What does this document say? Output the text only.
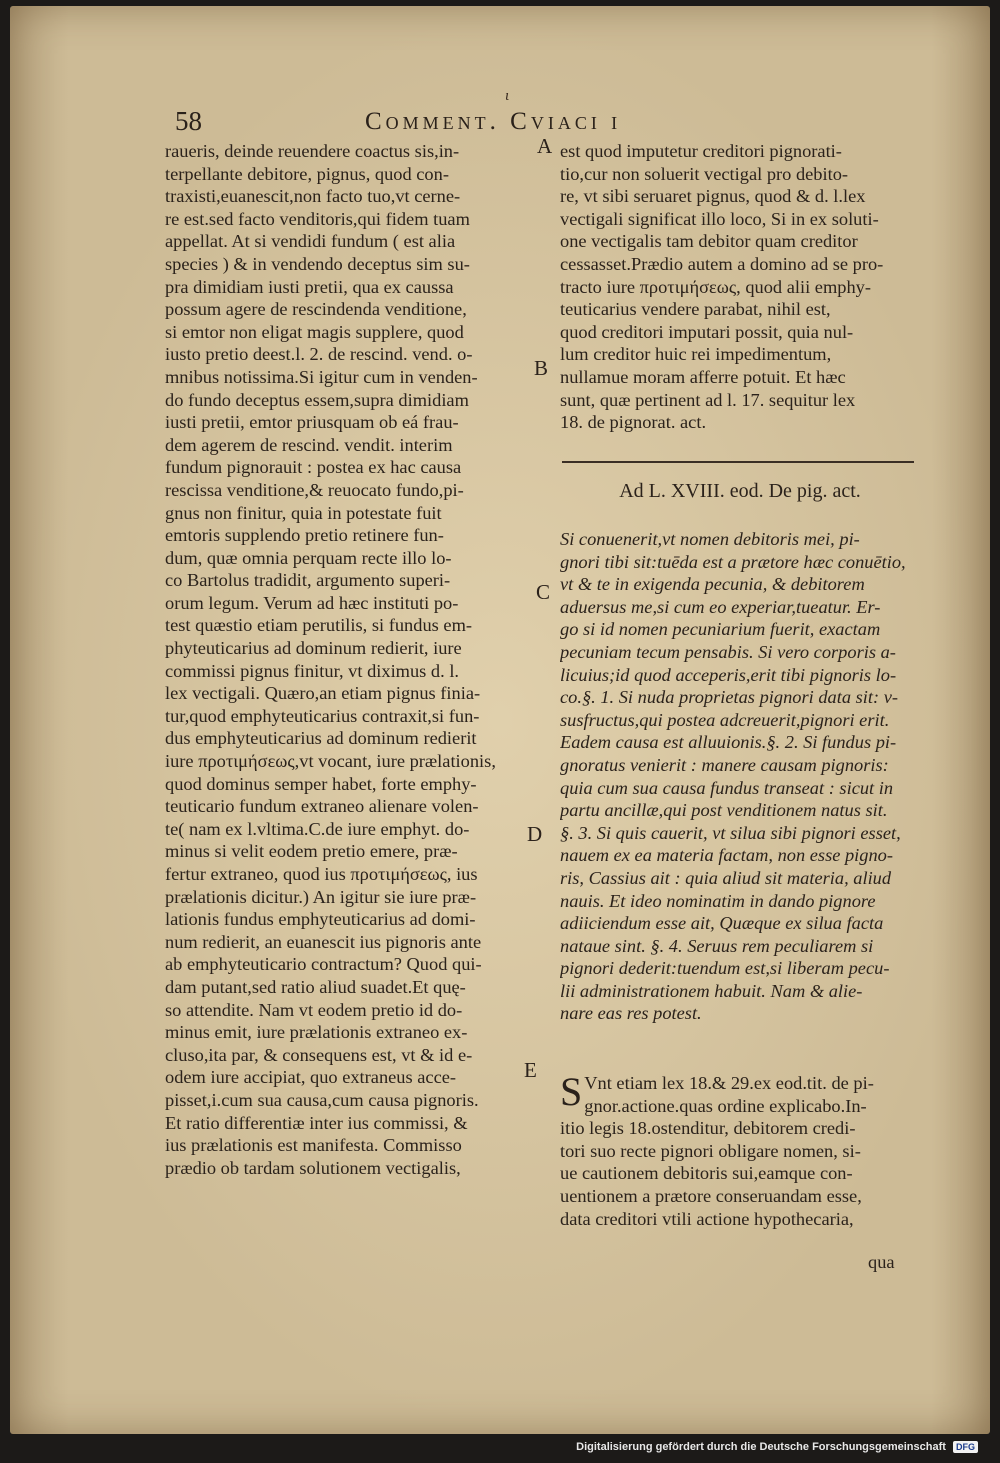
58	Comment. Cviaci i
ι
raueris, deinde reuendere coactus sis,in-
terpellante debitore, pignus, quod con-
traxisti,euanescit,non facto tuo,vt cerne-
re est.sed facto venditoris,qui fidem tuam
appellat. At si vendidi fundum ( est alia
species ) & in vendendo deceptus sim su-
pra dimidiam iusti pretii, qua ex caussa
possum agere de rescindenda venditione,
si emtor non eligat magis supplere, quod
iusto pretio deest.l. 2. de rescind. vend. o-
mnibus notissima.Si igitur cum in venden-
do fundo deceptus essem,supra dimidiam
iusti pretii, emtor priusquam ob eá frau-
dem agerem de rescind. vendit. interim
fundum pignorauit : postea ex hac causa
rescissa venditione,& reuocato fundo,pi-
gnus non finitur, quia in potestate fuit
emtoris supplendo pretio retinere fun-
dum, quæ omnia perquam recte illo lo-
co Bartolus tradidit, argumento superi-
orum legum. Verum ad hæc instituti po-
test quæstio etiam perutilis, si fundus em-
phyteuticarius ad dominum redierit, iure
commissi pignus finitur, vt diximus d. l.
lex vectigali. Quæro,an etiam pignus finia-
tur,quod emphyteuticarius contraxit,si fun-
dus emphyteuticarius ad dominum redierit
iure προτιμήσεως,vt vocant, iure prælationis,
quod dominus semper habet, forte emphy-
teuticario fundum extraneo alienare volen-
te( nam ex l.vltima.C.de iure emphyt. do-
minus si velit eodem pretio emere, præ-
fertur extraneo, quod ius προτιμήσεως, ius
prælationis dicitur.) An igitur sie iure præ-
lationis fundus emphyteuticarius ad domi-
num redierit, an euanescit ius pignoris ante
ab emphyteuticario contractum? Quod qui-
dam putant,sed ratio aliud suadet.Et quę-
so attendite. Nam vt eodem pretio id do-
minus emit, iure prælationis extraneo ex-
cluso,ita par, & consequens est, vt & id e-
odem iure accipiat, quo extraneus acce-
pisset,i.cum sua causa,cum causa pignoris.
Et ratio differentiæ inter ius commissi, &
ius prælationis est manifesta. Commisso
prædio ob tardam solutionem vectigalis,
A
B
C
D
E
est quod imputetur creditori pignorati-
tio,cur non soluerit vectigal pro debito-
re, vt sibi seruaret pignus, quod & d. l.lex
vectigali significat illo loco, Si in ex soluti-
one vectigalis tam debitor quam creditor
cessasset.Prædio autem a domino ad se pro-
tracto iure προτιμήσεως, quod alii emphy-
teuticarius vendere parabat, nihil est,
quod creditori imputari possit, quia nul-
lum creditor huic rei impedimentum,
nullamue moram afferre potuit. Et hæc
sunt, quæ pertinent ad l. 17. sequitur lex
18. de pignorat. act.
Ad L. XVIII. eod. De pig. act.
Si conuenerit,vt nomen debitoris mei, pi-
gnori tibi sit:tuēda est a prætore hæc conuētio,
vt & te in exigenda pecunia, & debitorem
aduersus me,si cum eo experiar,tueatur. Er-
go si id nomen pecuniarium fuerit, exactam
pecuniam tecum pensabis. Si vero corporis a-
licuius;id quod acceperis,erit tibi pignoris lo-
co.§. 1. Si nuda proprietas pignori data sit: v-
susfructus,qui postea adcreuerit,pignori erit.
Eadem causa est alluuionis.§. 2. Si fundus pi-
gnoratus venierit : manere causam pignoris:
quia cum sua causa fundus transeat : sicut in
partu ancillæ,qui post venditionem natus sit.
§. 3. Si quis cauerit, vt silua sibi pignori esset,
nauem ex ea materia factam, non esse pigno-
ris, Cassius ait : quia aliud sit materia, aliud
nauis. Et ideo nominatim in dando pignore
adiiciendum esse ait, Quæque ex silua facta
nataue sint. §. 4. Seruus rem peculiarem si
pignori dederit:tuendum est,si liberam pecu-
lii administrationem habuit. Nam & alie-
nare eas res potest.
S Vnt etiam lex 18.& 29.ex eod.tit. de pi-
gnor.actione.quas ordine explicabo.In-
itio legis 18.ostenditur, debitorem credi-
tori suo recte pignori obligare nomen, si-
ue cautionem debitoris sui,eamque con-
uentionem a prætore conseruandam esse,
data creditori vtili actione hypothecaria,
qua
Digitalisierung gefördert durch die Deutsche Forschungsgemeinschaft DFG
